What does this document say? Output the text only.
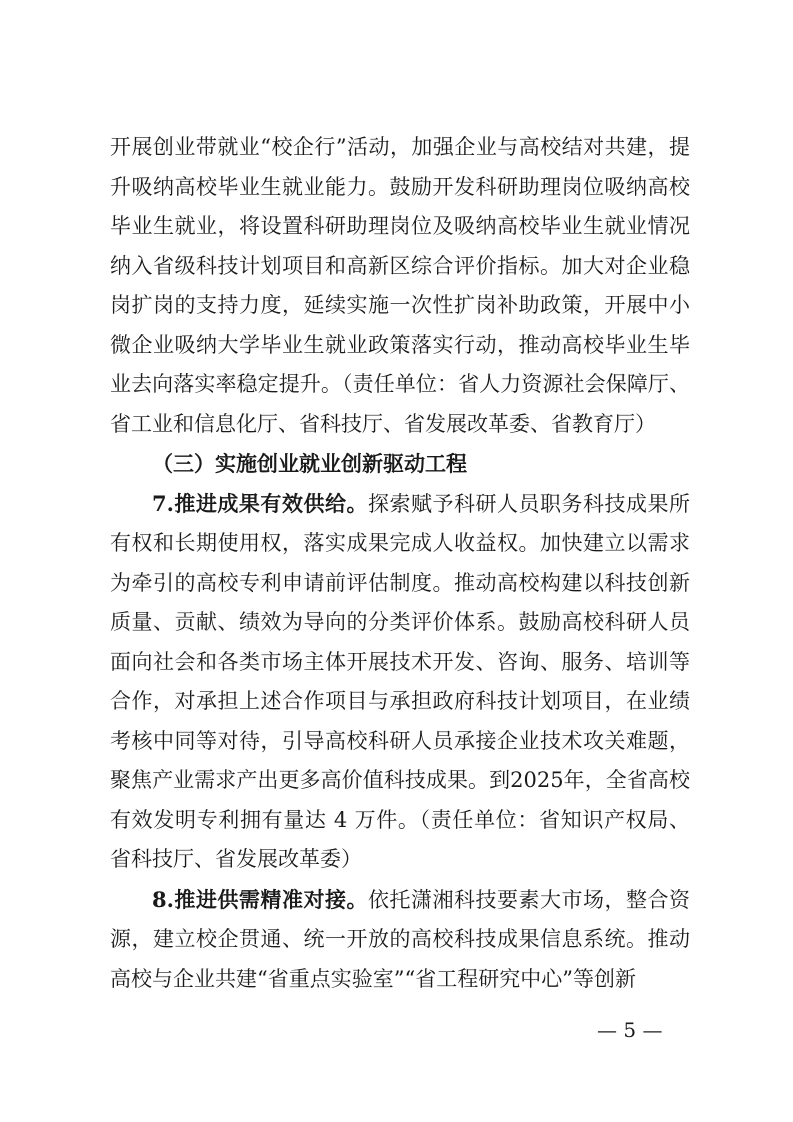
开展创业带就业“校企行”活动，加强企业与高校结对共建，提升吸纳高校毕业生就业能力。鼓励开发科研助理岗位吸纳高校毕业生就业，将设置科研助理岗位及吸纳高校毕业生就业情况纳入省级科技计划项目和高新区综合评价指标。加大对企业稳岗扩岗的支持力度，延续实施一次性扩岗补助政策，开展中小微企业吸纳大学毕业生就业政策落实行动，推动高校毕业生毕业去向落实率稳定提升。（责任单位：省人力资源社会保障厅、省工业和信息化厅、省科技厅、省发展改革委、省教育厅）

（三）实施创业就业创新驱动工程

7.推进成果有效供给。探索赋予科研人员职务科技成果所有权和长期使用权，落实成果完成人收益权。加快建立以需求为牵引的高校专利申请前评估制度。推动高校构建以科技创新质量、贡献、绩效为导向的分类评价体系。鼓励高校科研人员面向社会和各类市场主体开展技术开发、咨询、服务、培训等合作，对承担上述合作项目与承担政府科技计划项目，在业绩考核中同等对待，引导高校科研人员承接企业技术攻关难题，聚焦产业需求产出更多高价值科技成果。到2025年，全省高校有效发明专利拥有量达 4 万件。（责任单位：省知识产权局、省科技厅、省发展改革委）

8.推进供需精准对接。依托潇湘科技要素大市场，整合资源，建立校企贯通、统一开放的高校科技成果信息系统。推动高校与企业共建“省重点实验室”“省工程研究中心”等创新

— 5 —
